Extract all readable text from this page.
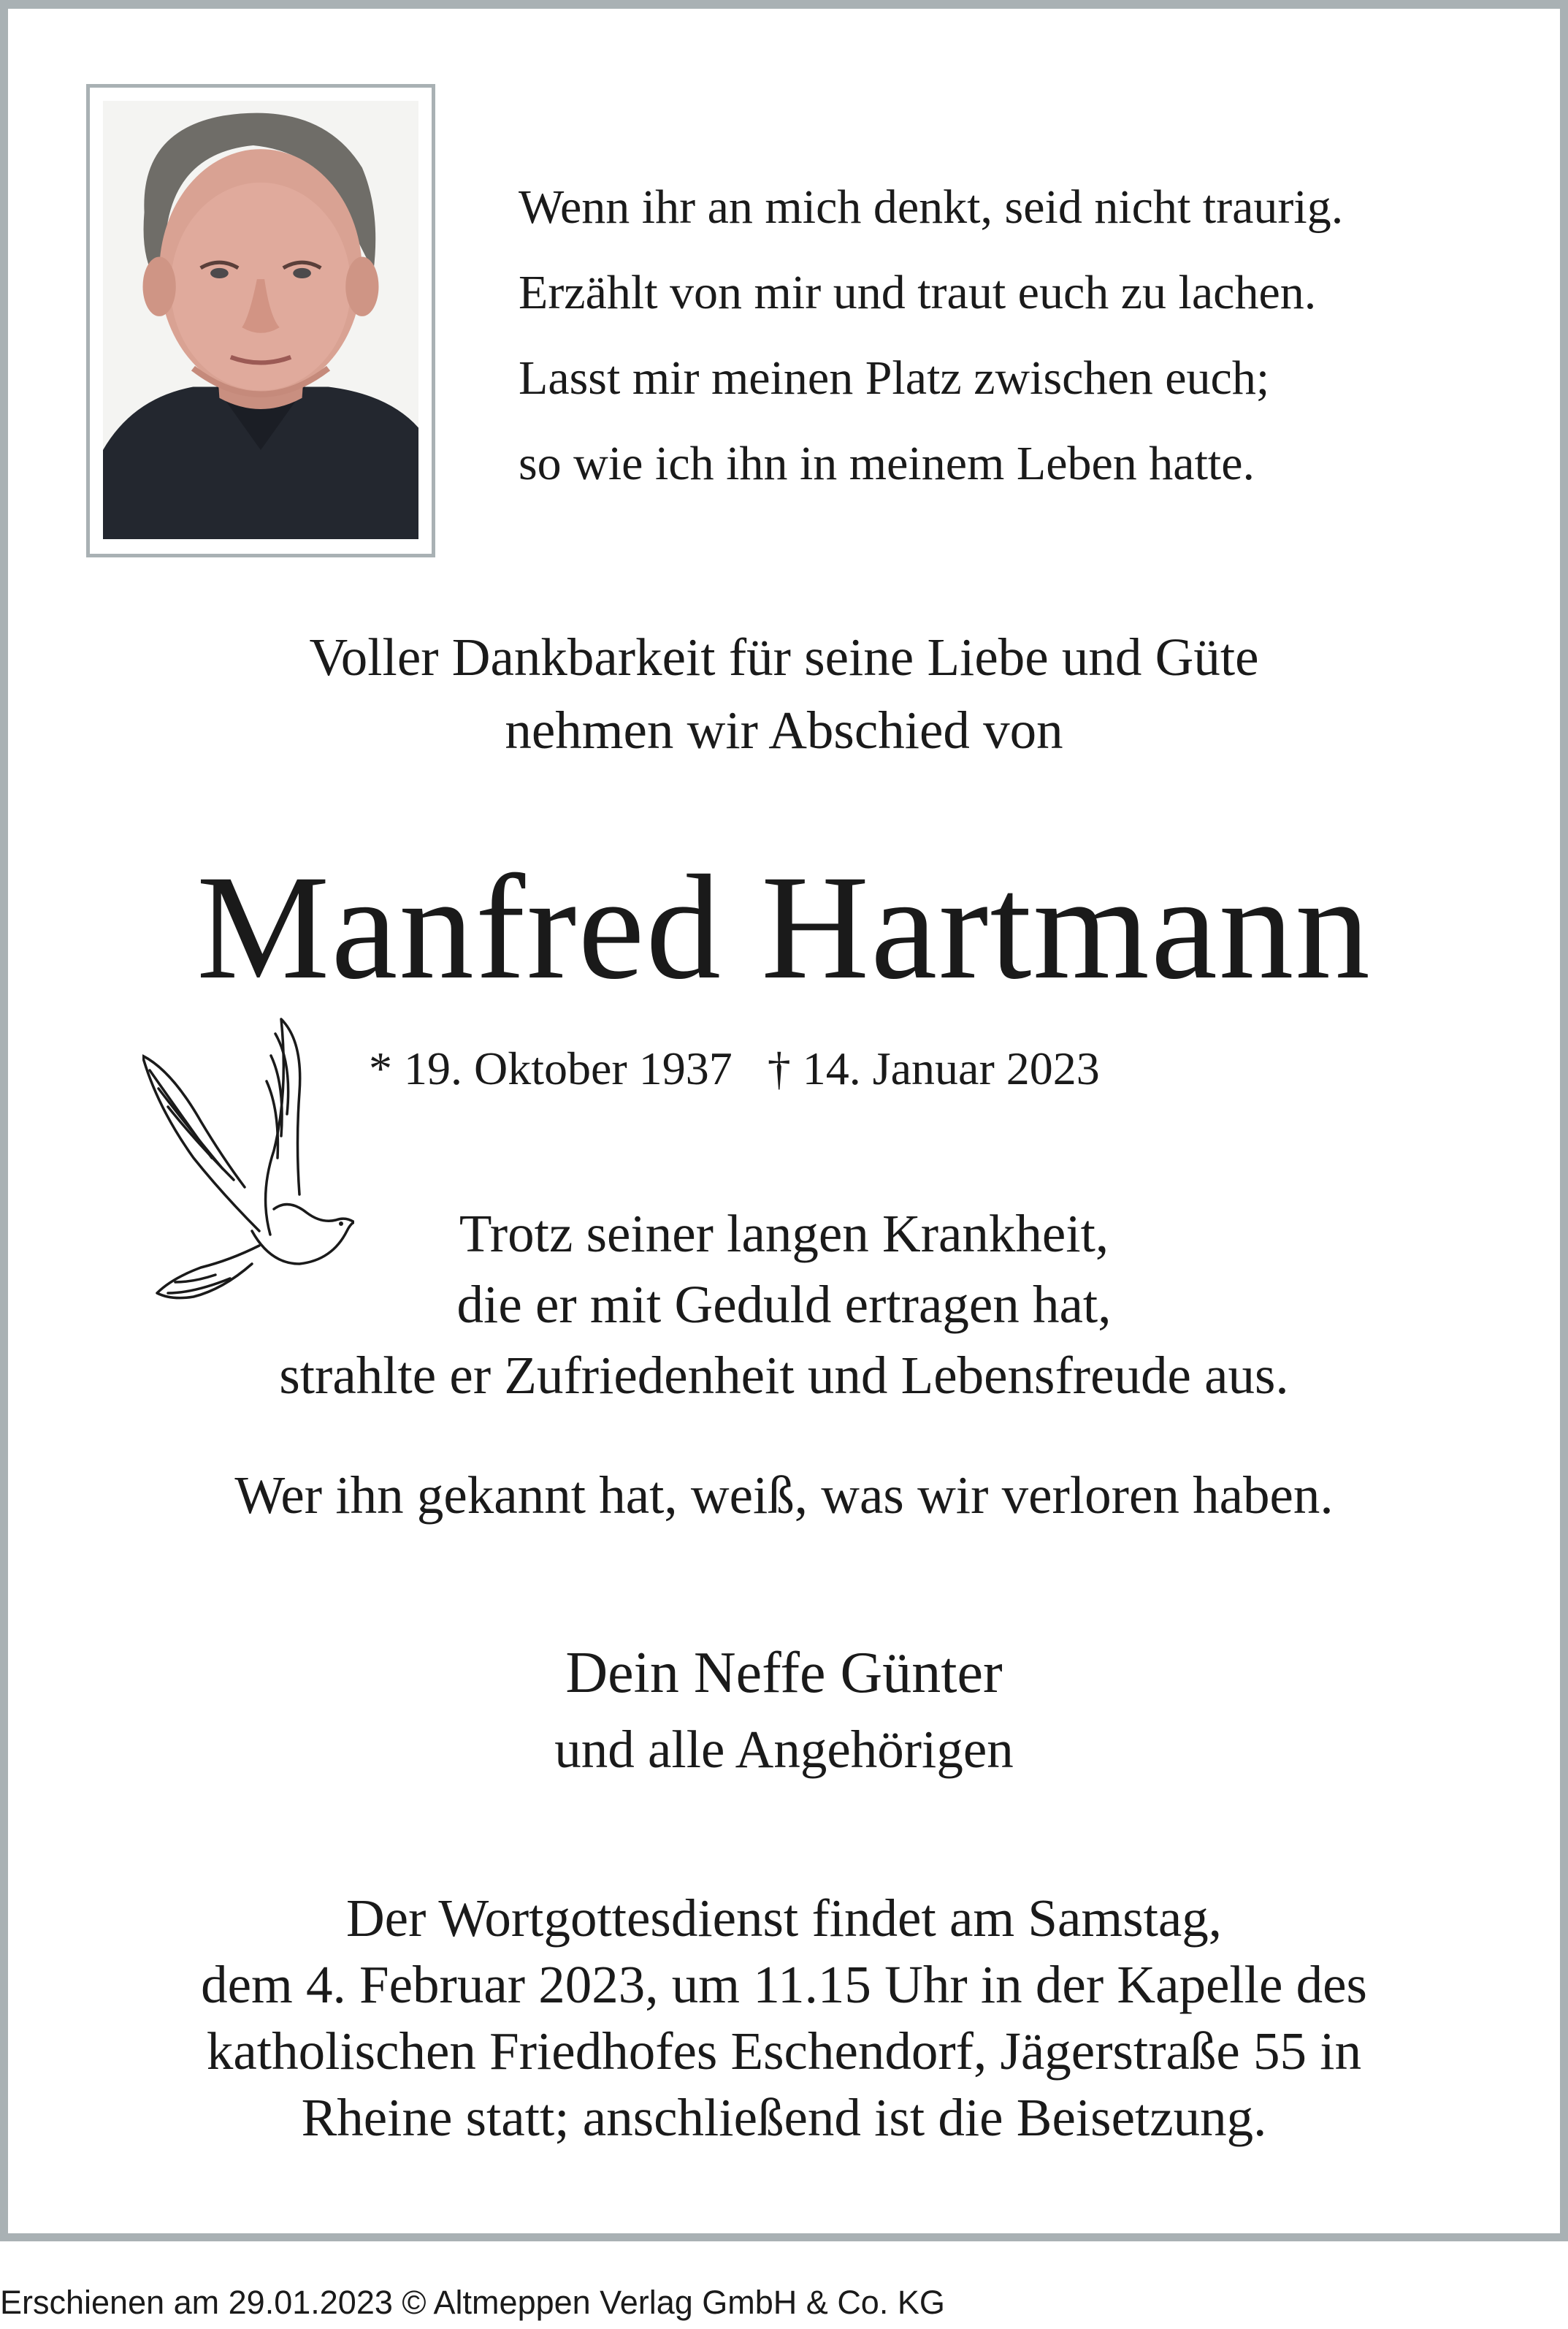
Wenn ihr an mich denkt, seid nicht traurig.
Erzählt von mir und traut euch zu lachen.
Lasst mir meinen Platz zwischen euch;
so wie ich ihn in meinem Leben hatte.
Voller Dankbarkeit für seine Liebe und Güte
nehmen wir Abschied von
Manfred Hartmann
* 19. Oktober 1937 † 14. Januar 2023
Trotz seiner langen Krankheit,
die er mit Geduld ertragen hat,
strahlte er Zufriedenheit und Lebensfreude aus.
Wer ihn gekannt hat, weiß, was wir verloren haben.
Dein Neffe Günter
und alle Angehörigen
Der Wortgottesdienst findet am Samstag,
dem 4. Februar 2023, um 11.15 Uhr in der Kapelle des
katholischen Friedhofes Eschendorf, Jägerstraße 55 in
Rheine statt; anschließend ist die Beisetzung.
Erschienen am 29.01.2023 © Altmeppen Verlag GmbH & Co. KG
